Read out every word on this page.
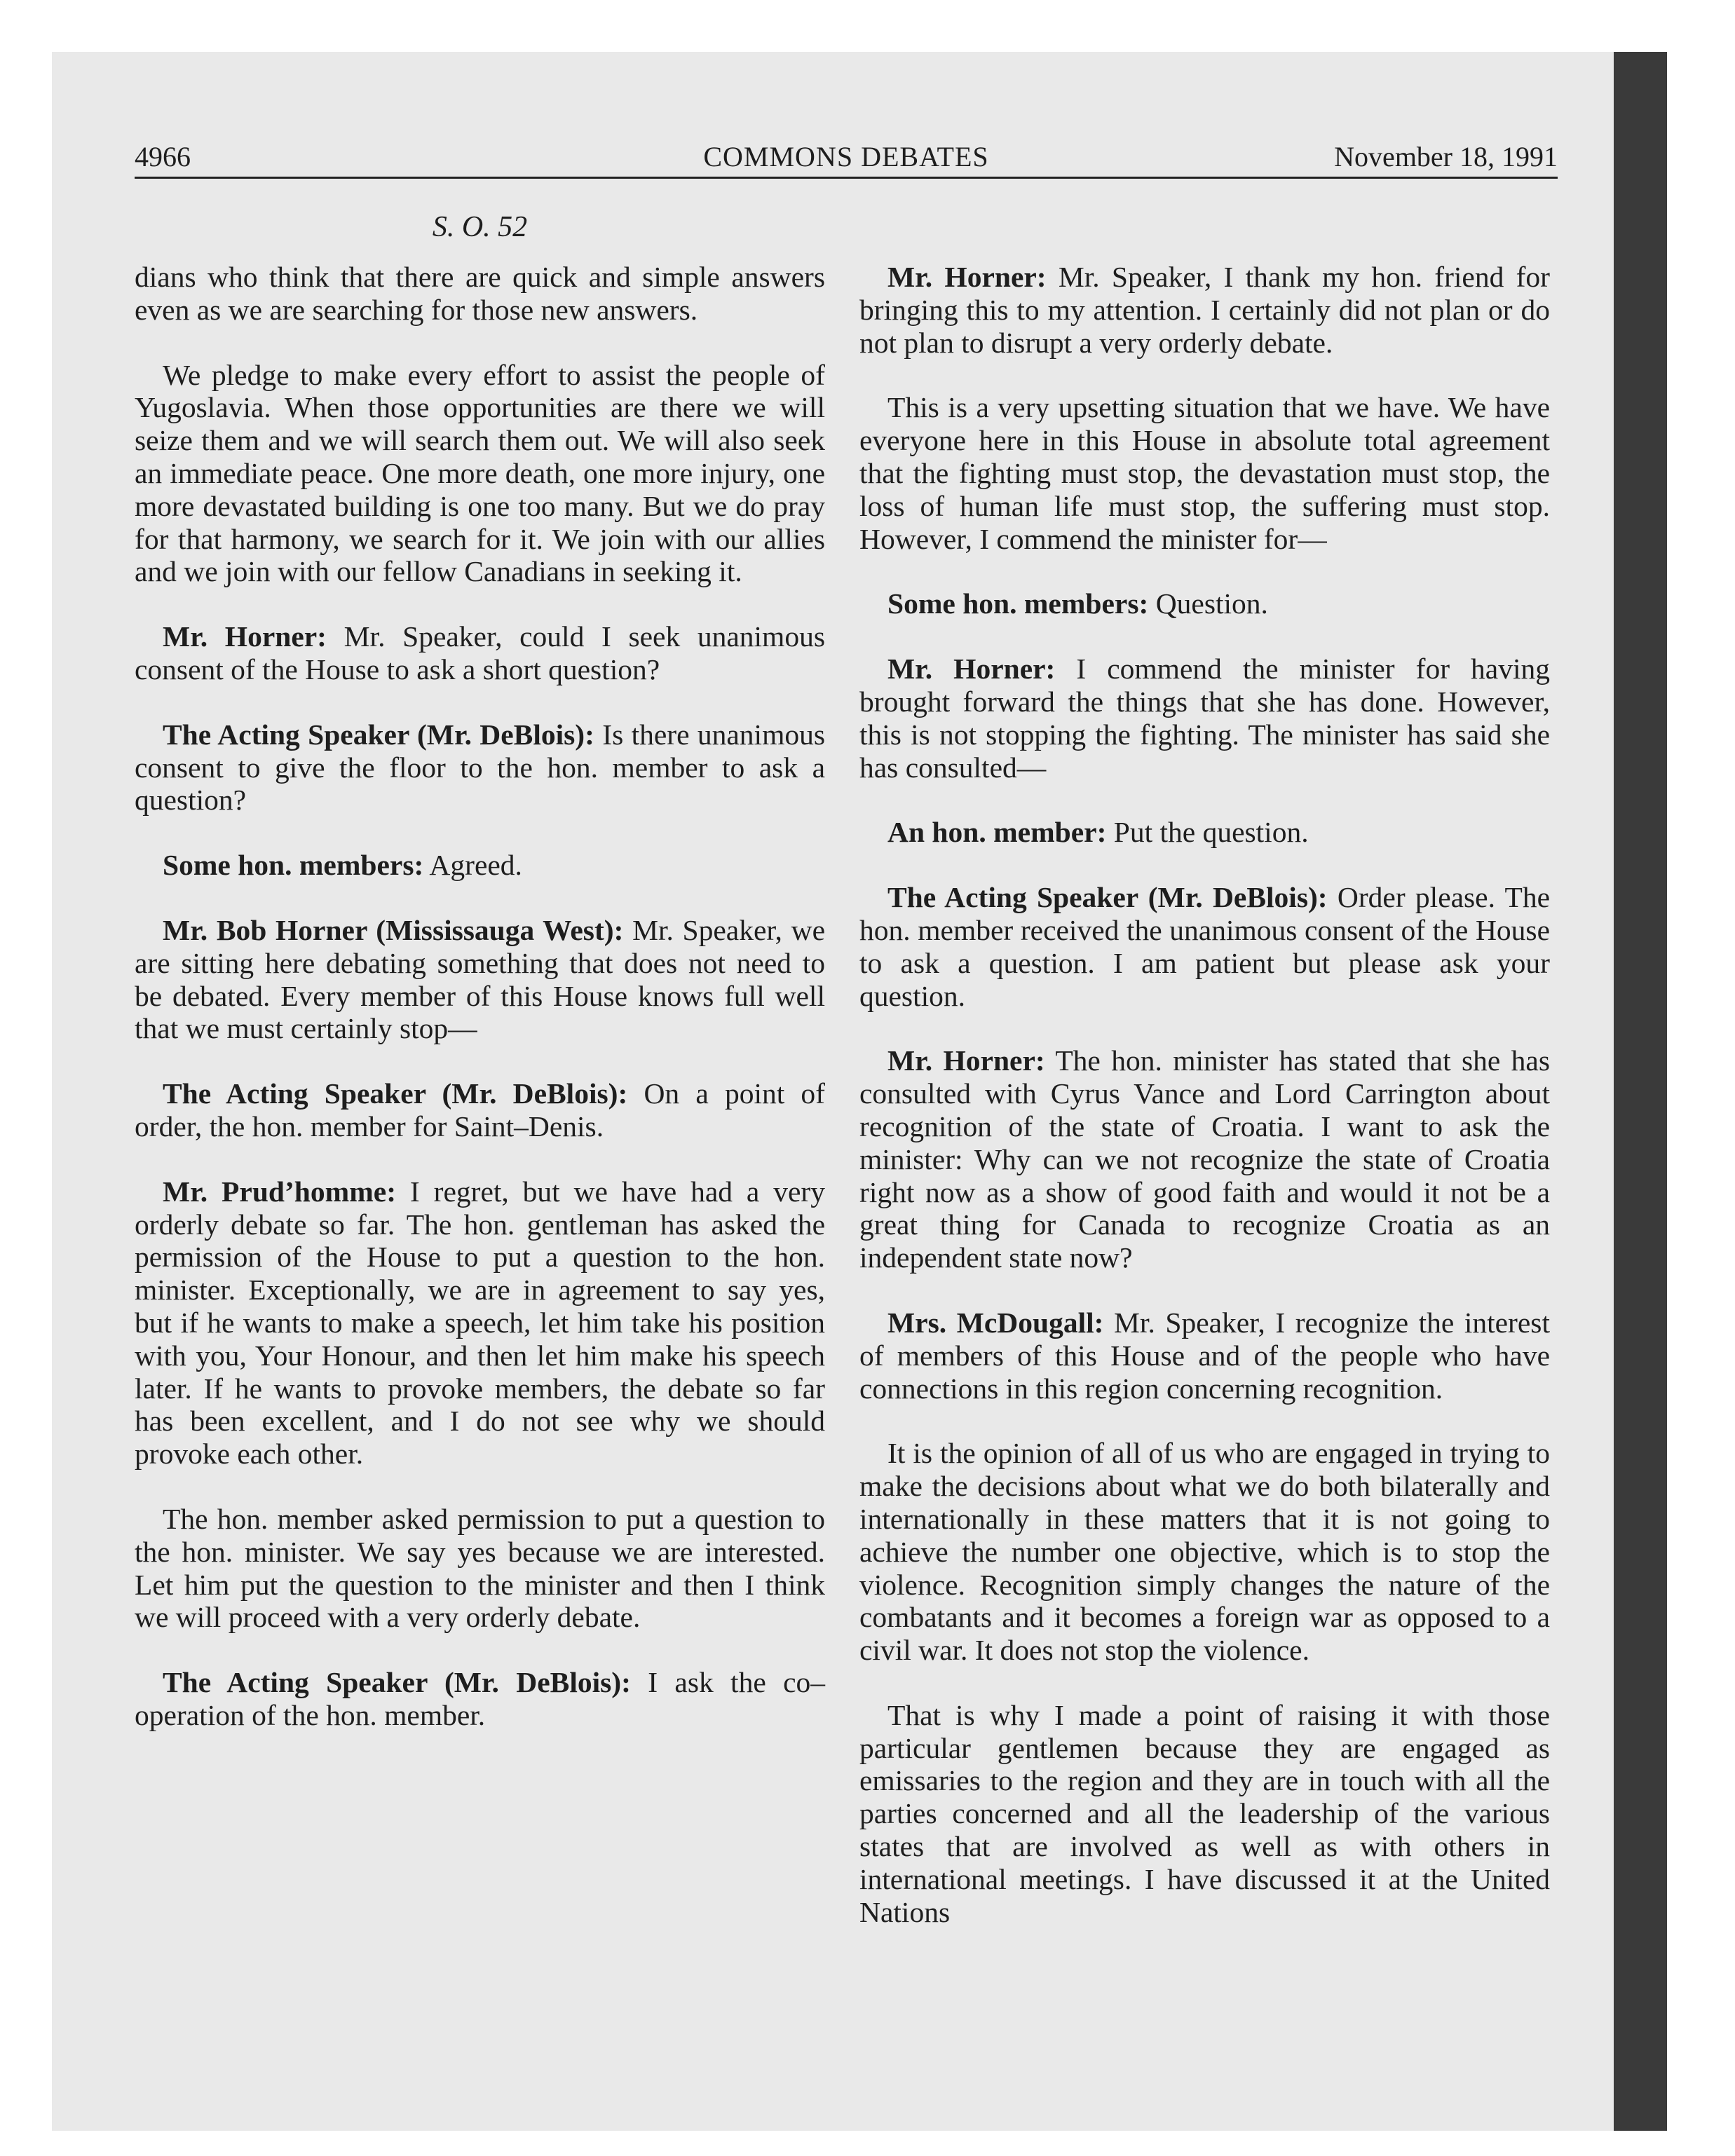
4966	COMMONS DEBATES	November 18, 1991
S. O. 52

dians who think that there are quick and simple answers even as we are searching for those new answers.

We pledge to make every effort to assist the people of Yugoslavia. When those opportunities are there we will seize them and we will search them out. We will also seek an immediate peace. One more death, one more injury, one more devastated building is one too many. But we do pray for that harmony, we search for it. We join with our allies and we join with our fellow Canadians in seeking it.

Mr. Horner: Mr. Speaker, could I seek unanimous consent of the House to ask a short question?

The Acting Speaker (Mr. DeBlois): Is there unanimous consent to give the floor to the hon. member to ask a question?

Some hon. members: Agreed.

Mr. Bob Horner (Mississauga West): Mr. Speaker, we are sitting here debating something that does not need to be debated. Every member of this House knows full well that we must certainly stop—

The Acting Speaker (Mr. DeBlois): On a point of order, the hon. member for Saint–Denis.

Mr. Prud’homme: I regret, but we have had a very orderly debate so far. The hon. gentleman has asked the permission of the House to put a question to the hon. minister. Exceptionally, we are in agreement to say yes, but if he wants to make a speech, let him take his position with you, Your Honour, and then let him make his speech later. If he wants to provoke members, the debate so far has been excellent, and I do not see why we should provoke each other.

The hon. member asked permission to put a question to the hon. minister. We say yes because we are interested. Let him put the question to the minister and then I think we will proceed with a very orderly debate.

The Acting Speaker (Mr. DeBlois): I ask the co–operation of the hon. member.

Mr. Horner: Mr. Speaker, I thank my hon. friend for bringing this to my attention. I certainly did not plan or do not plan to disrupt a very orderly debate.

This is a very upsetting situation that we have. We have everyone here in this House in absolute total agreement that the fighting must stop, the devastation must stop, the loss of human life must stop, the suffering must stop. However, I commend the minister for—

Some hon. members: Question.

Mr. Horner: I commend the minister for having brought forward the things that she has done. However, this is not stopping the fighting. The minister has said she has consulted—

An hon. member: Put the question.

The Acting Speaker (Mr. DeBlois): Order please. The hon. member received the unanimous consent of the House to ask a question. I am patient but please ask your question.

Mr. Horner: The hon. minister has stated that she has consulted with Cyrus Vance and Lord Carrington about recognition of the state of Croatia. I want to ask the minister: Why can we not recognize the state of Croatia right now as a show of good faith and would it not be a great thing for Canada to recognize Croatia as an independent state now?

Mrs. McDougall: Mr. Speaker, I recognize the interest of members of this House and of the people who have connections in this region concerning recognition.

It is the opinion of all of us who are engaged in trying to make the decisions about what we do both bilaterally and internationally in these matters that it is not going to achieve the number one objective, which is to stop the violence. Recognition simply changes the nature of the combatants and it becomes a foreign war as opposed to a civil war. It does not stop the violence.

That is why I made a point of raising it with those particular gentlemen because they are engaged as emissaries to the region and they are in touch with all the parties concerned and all the leadership of the various states that are involved as well as with others in international meetings. I have discussed it at the United Nations
